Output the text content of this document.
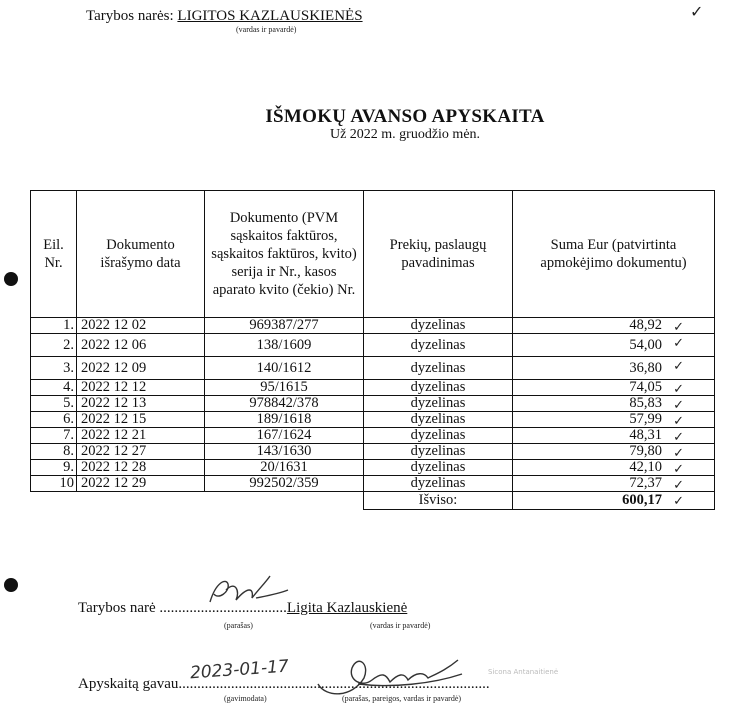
Tarybos narės: LIGITOS KAZLAUSKIENĖS
(vardas ir pavardė)
✓
IŠMOKŲ AVANSO APYSKAITA
Už 2022 m. gruodžio mėn.
Eil. Nr.	Dokumento išrašymo data	Dokumento (PVM sąskaitos faktūros, sąskaitos faktūros, kvito) serija ir Nr., kasos aparato kvito (čekio) Nr.	Prekių, paslaugų pavadinimas	Suma Eur (patvirtinta apmokėjimo dokumentu)
1.	2022 12 02	969387/277	dyzelinas	48,92 ✓

2.	2022 12 06	138/1609	dyzelinas	54,00 ✓

3.	2022 12 09	140/1612	dyzelinas	36,80 ✓

4.	2022 12 12	95/1615	dyzelinas	74,05 ✓

5.	2022 12 13	978842/378	dyzelinas	85,83 ✓

6.	2022 12 15	189/1618	dyzelinas	57,99 ✓

7.	2022 12 21	167/1624	dyzelinas	48,31 ✓

8.	2022 12 27	143/1630	dyzelinas	79,80 ✓

9.	2022 12 28	20/1631	dyzelinas	42,10 ✓

10	2022 12 29	992502/359	dyzelinas	72,37 ✓

			Išviso:	600,17 ✓
Tarybos narė ..................................Ligita Kazlauskienė
(parašas)	(vardas ir pavardė)
Apyskaitą gavau...................................................................................
2023-01-17	Sicona Antanaitienė
(gavimodata)	(parašas, pareigos, vardas ir pavardė)
